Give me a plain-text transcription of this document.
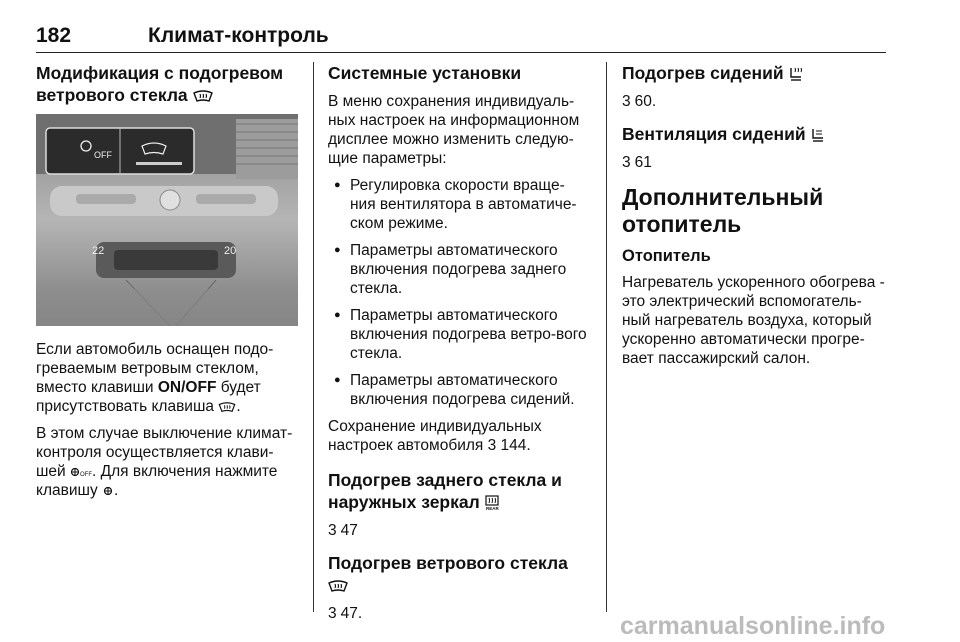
182	Климат-контроль
Модификация с подогревом ветрового стекла
OFF
22	20

Если автомобиль оснащен подо-греваемым ветровым стеклом, вместо клавиши ON/OFF будет присутствовать клавиша .

В этом случае выключение климат-контроля осуществляется клави-шей OFF . Для включения нажмите клавишу .

Системные установки

В меню сохранения индивидуаль-ных настроек на информационном дисплее можно изменить следую-щие параметры:

● Регулировка скорости враще-ния вентилятора в автоматиче-ском режиме.
● Параметры автоматического включения подогрева заднего стекла.
● Параметры автоматического включения подогрева ветро-вого стекла.
● Параметры автоматического включения подогрева сидений.

Сохранение индивидуальных настроек автомобиля 3 144.

Подогрев заднего стекла и наружных зеркал REAR

3 47

Подогрев ветрового стекла

3 47.

Подогрев сидений

3 60.

Вентиляция сидений

3 61

Дополнительный отопитель
Отопитель

Нагреватель ускоренного обогрева - это электрический вспомогатель-ный нагреватель воздуха, который ускоренно автоматически прогре-вает пассажирский салон.

carmanualsonline.info
